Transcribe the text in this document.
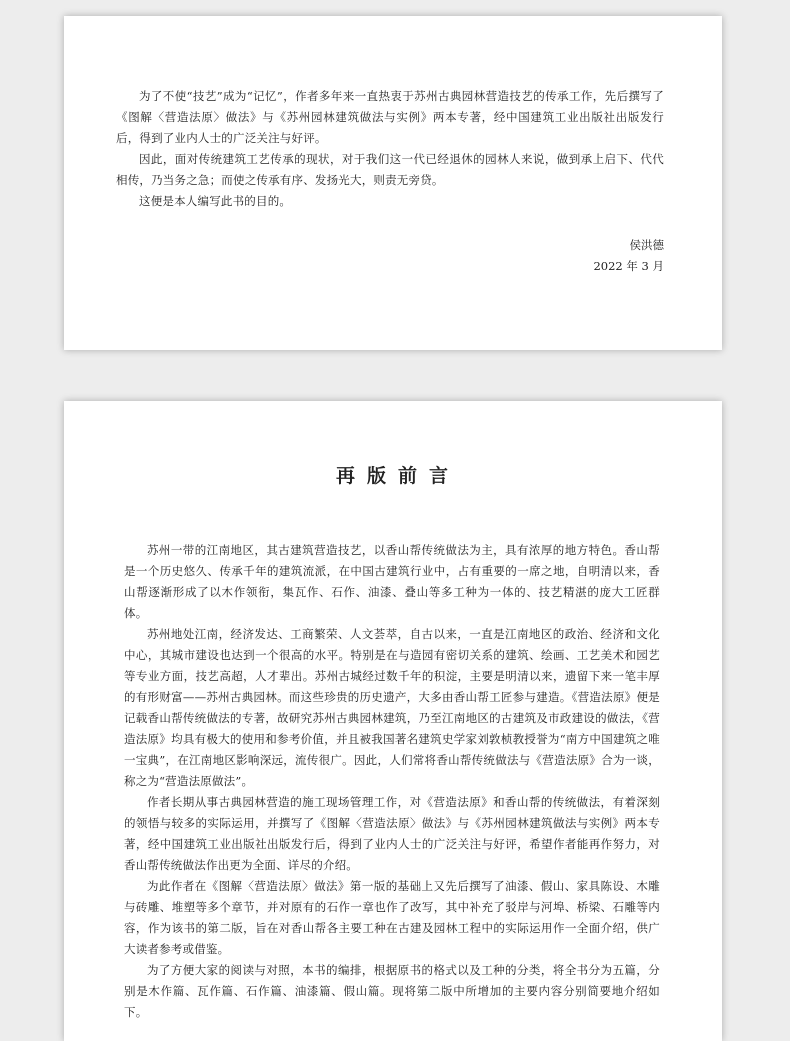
为了不使“技艺”成为“记忆”，作者多年来一直热衷于苏州古典园林营造技艺的传承工作，先后撰写了《图解〈营造法原〉做法》与《苏州园林建筑做法与实例》两本专著，经中国建筑工业出版社出版发行后，得到了业内人士的广泛关注与好评。

因此，面对传统建筑工艺传承的现状，对于我们这一代已经退休的园林人来说，做到承上启下、代代相传，乃当务之急；而使之传承有序、发扬光大，则责无旁贷。

这便是本人编写此书的目的。

侯洪德

2022 年 3 月

再版前言

苏州一带的江南地区，其古建筑营造技艺，以香山帮传统做法为主，具有浓厚的地方特色。香山帮是一个历史悠久、传承千年的建筑流派，在中国古建筑行业中，占有重要的一席之地，自明清以来，香山帮逐渐形成了以木作领衔，集瓦作、石作、油漆、叠山等多工种为一体的、技艺精湛的庞大工匠群体。

苏州地处江南，经济发达、工商繁荣、人文荟萃，自古以来，一直是江南地区的政治、经济和文化中心，其城市建设也达到一个很高的水平。特别是在与造园有密切关系的建筑、绘画、工艺美术和园艺等专业方面，技艺高超，人才辈出。苏州古城经过数千年的积淀，主要是明清以来，遗留下来一笔丰厚的有形财富——苏州古典园林。而这些珍贵的历史遗产，大多由香山帮工匠参与建造。《营造法原》便是记载香山帮传统做法的专著，故研究苏州古典园林建筑，乃至江南地区的古建筑及市政建设的做法，《营造法原》均具有极大的使用和参考价值，并且被我国著名建筑史学家刘敦桢教授誉为“南方中国建筑之唯一宝典”，在江南地区影响深远，流传很广。因此，人们常将香山帮传统做法与《营造法原》合为一谈，称之为“营造法原做法”。

作者长期从事古典园林营造的施工现场管理工作，对《营造法原》和香山帮的传统做法，有着深刻的领悟与较多的实际运用，并撰写了《图解〈营造法原〉做法》与《苏州园林建筑做法与实例》两本专著，经中国建筑工业出版社出版发行后，得到了业内人士的广泛关注与好评，希望作者能再作努力，对香山帮传统做法作出更为全面、详尽的介绍。

为此作者在《图解〈营造法原〉做法》第一版的基础上又先后撰写了油漆、假山、家具陈设、木雕与砖雕、堆塑等多个章节，并对原有的石作一章也作了改写，其中补充了驳岸与河埠、桥梁、石雕等内容，作为该书的第二版，旨在对香山帮各主要工种在古建及园林工程中的实际运用作一全面介绍，供广大读者参考或借鉴。

为了方便大家的阅读与对照，本书的编排，根据原书的格式以及工种的分类，将全书分为五篇，分别是木作篇、瓦作篇、石作篇、油漆篇、假山篇。现将第二版中所增加的主要内容分别简要地介绍如下。
